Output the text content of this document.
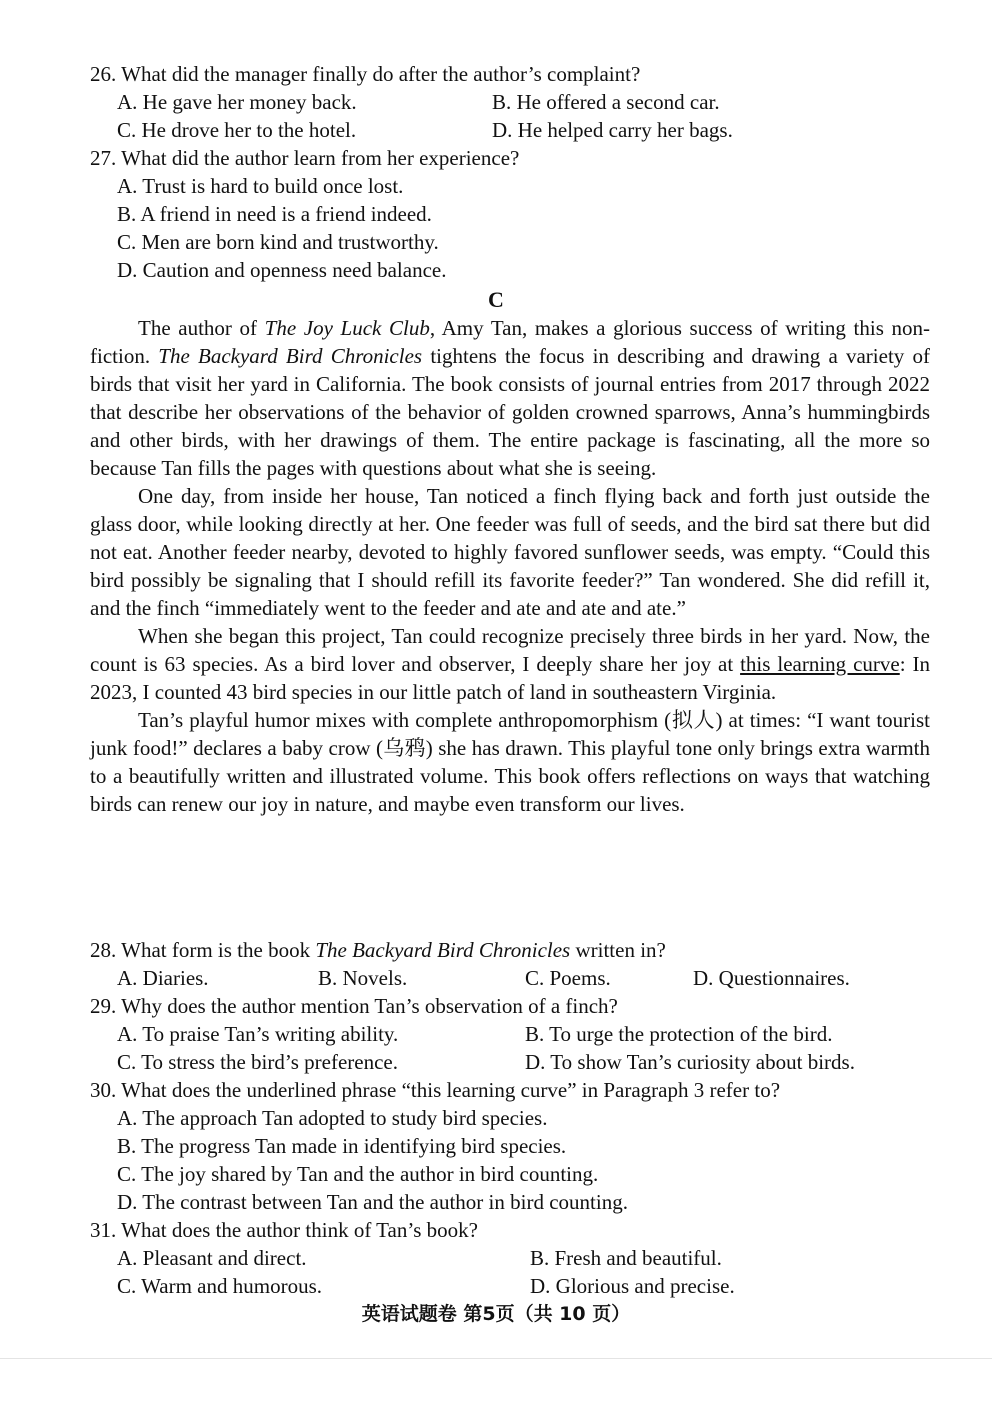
26. What did the manager finally do after the author’s complaint?
A. He gave her money back.	B. He offered a second car.
C. He drove her to the hotel.	D. He helped carry her bags.
27. What did the author learn from her experience?
A. Trust is hard to build once lost.
B. A friend in need is a friend indeed.
C. Men are born kind and trustworthy.
D. Caution and openness need balance.
C
The author of The Joy Luck Club, Amy Tan, makes a glorious success of writing this non-fiction. The Backyard Bird Chronicles tightens the focus in describing and drawing a variety of birds that visit her yard in California. The book consists of journal entries from 2017 through 2022 that describe her observations of the behavior of golden crowned sparrows, Anna’s hummingbirds and other birds, with her drawings of them. The entire package is fascinating, all the more so because Tan fills the pages with questions about what she is seeing.
One day, from inside her house, Tan noticed a finch flying back and forth just outside the glass door, while looking directly at her. One feeder was full of seeds, and the bird sat there but did not eat. Another feeder nearby, devoted to highly favored sunflower seeds, was empty. “Could this bird possibly be signaling that I should refill its favorite feeder?” Tan wondered. She did refill it, and the finch “immediately went to the feeder and ate and ate and ate.”
When she began this project, Tan could recognize precisely three birds in her yard. Now, the count is 63 species. As a bird lover and observer, I deeply share her joy at this learning curve: In 2023, I counted 43 bird species in our little patch of land in southeastern Virginia.
Tan’s playful humor mixes with complete anthropomorphism (拟人) at times: “I want tourist junk food!” declares a baby crow (乌鸦) she has drawn. This playful tone only brings extra warmth to a beautifully written and illustrated volume. This book offers reflections on ways that watching birds can renew our joy in nature, and maybe even transform our lives.
28. What form is the book The Backyard Bird Chronicles written in?
A. Diaries.	B. Novels.	C. Poems.	D. Questionnaires.
29. Why does the author mention Tan’s observation of a finch?
A. To praise Tan’s writing ability.	B. To urge the protection of the bird.
C. To stress the bird’s preference.	D. To show Tan’s curiosity about birds.
30. What does the underlined phrase “this learning curve” in Paragraph 3 refer to?
A. The approach Tan adopted to study bird species.
B. The progress Tan made in identifying bird species.
C. The joy shared by Tan and the author in bird counting.
D. The contrast between Tan and the author in bird counting.
31. What does the author think of Tan’s book?
A. Pleasant and direct.	B. Fresh and beautiful.
C. Warm and humorous.	D. Glorious and precise.
英语试题卷 第5页（共 10 页）
